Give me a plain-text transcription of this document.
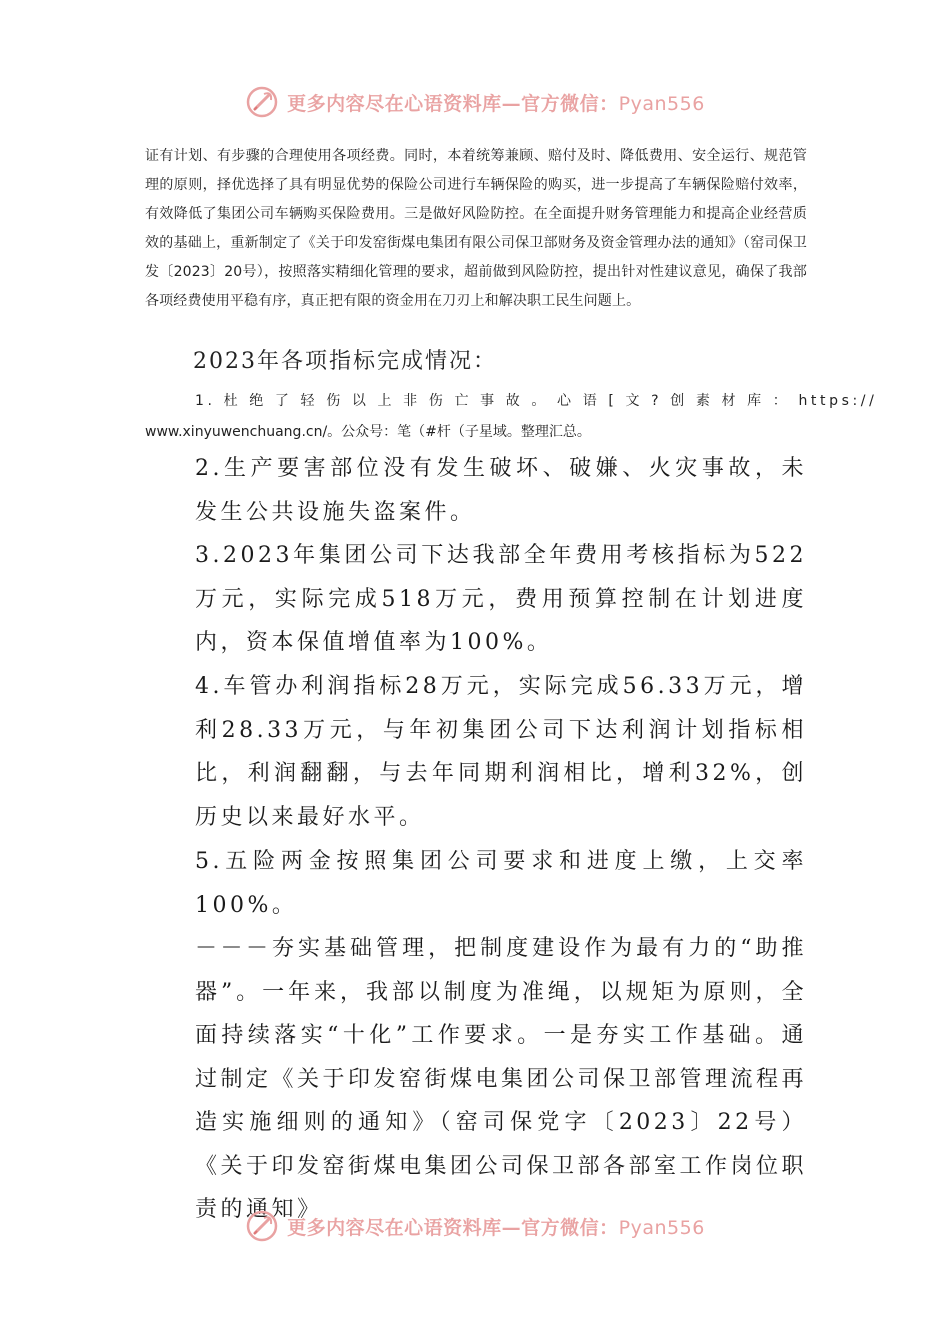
更多内容尽在心语资料库—官方微信：Pyan556
证有计划、有步骤的合理使用各项经费。同时，本着统筹兼顾、赔付及时、降低费用、安全运行、规范管理的原则，择优选择了具有明显优势的保险公司进行车辆保险的购买，进一步提高了车辆保险赔付效率，有效降低了集团公司车辆购买保险费用。三是做好风险防控。在全面提升财务管理能力和提高企业经营质效的基础上，重新制定了《关于印发窑街煤电集团有限公司保卫部财务及资金管理办法的通知》（窑司保卫发〔2023〕20号），按照落实精细化管理的要求，超前做到风险防控，提出针对性建议意见，确保了我部各项经费使用平稳有序，真正把有限的资金用在刀刃上和解决职工民生问题上。
2023年各项指标完成情况：
1. 杜 绝 了 轻 伤 以 上 非 伤 亡 事 故 。 心 语 [ 文 ? 创 素 材 库 ： https://
www.xinyuwenchuang.cn/。公众号：笔（#杆（子星域。整理汇总。
2.生产要害部位没有发生破坏、破嫌、火灾事故，未发生公共设施失盗案件。
3.2023年集团公司下达我部全年费用考核指标为522万元，实际完成518万元，费用预算控制在计划进度内，资本保值增值率为100%。
4.车管办利润指标28万元，实际完成56.33万元，增利28.33万元，与年初集团公司下达利润计划指标相比，利润翻翻，与去年同期利润相比，增利32%，创历史以来最好水平。
5.五险两金按照集团公司要求和进度上缴，上交率100%。
－－－夯实基础管理，把制度建设作为最有力的“助推器”。一年来，我部以制度为准绳，以规矩为原则，全面持续落实“十化”工作要求。一是夯实工作基础。通过制定《关于印发窑街煤电集团公司保卫部管理流程再造实施细则的通知》（窑司保党字〔2023〕22号）《关于印发窑街煤电集团公司保卫部各部室工作岗位职责的通知》
更多内容尽在心语资料库—官方微信：Pyan556
